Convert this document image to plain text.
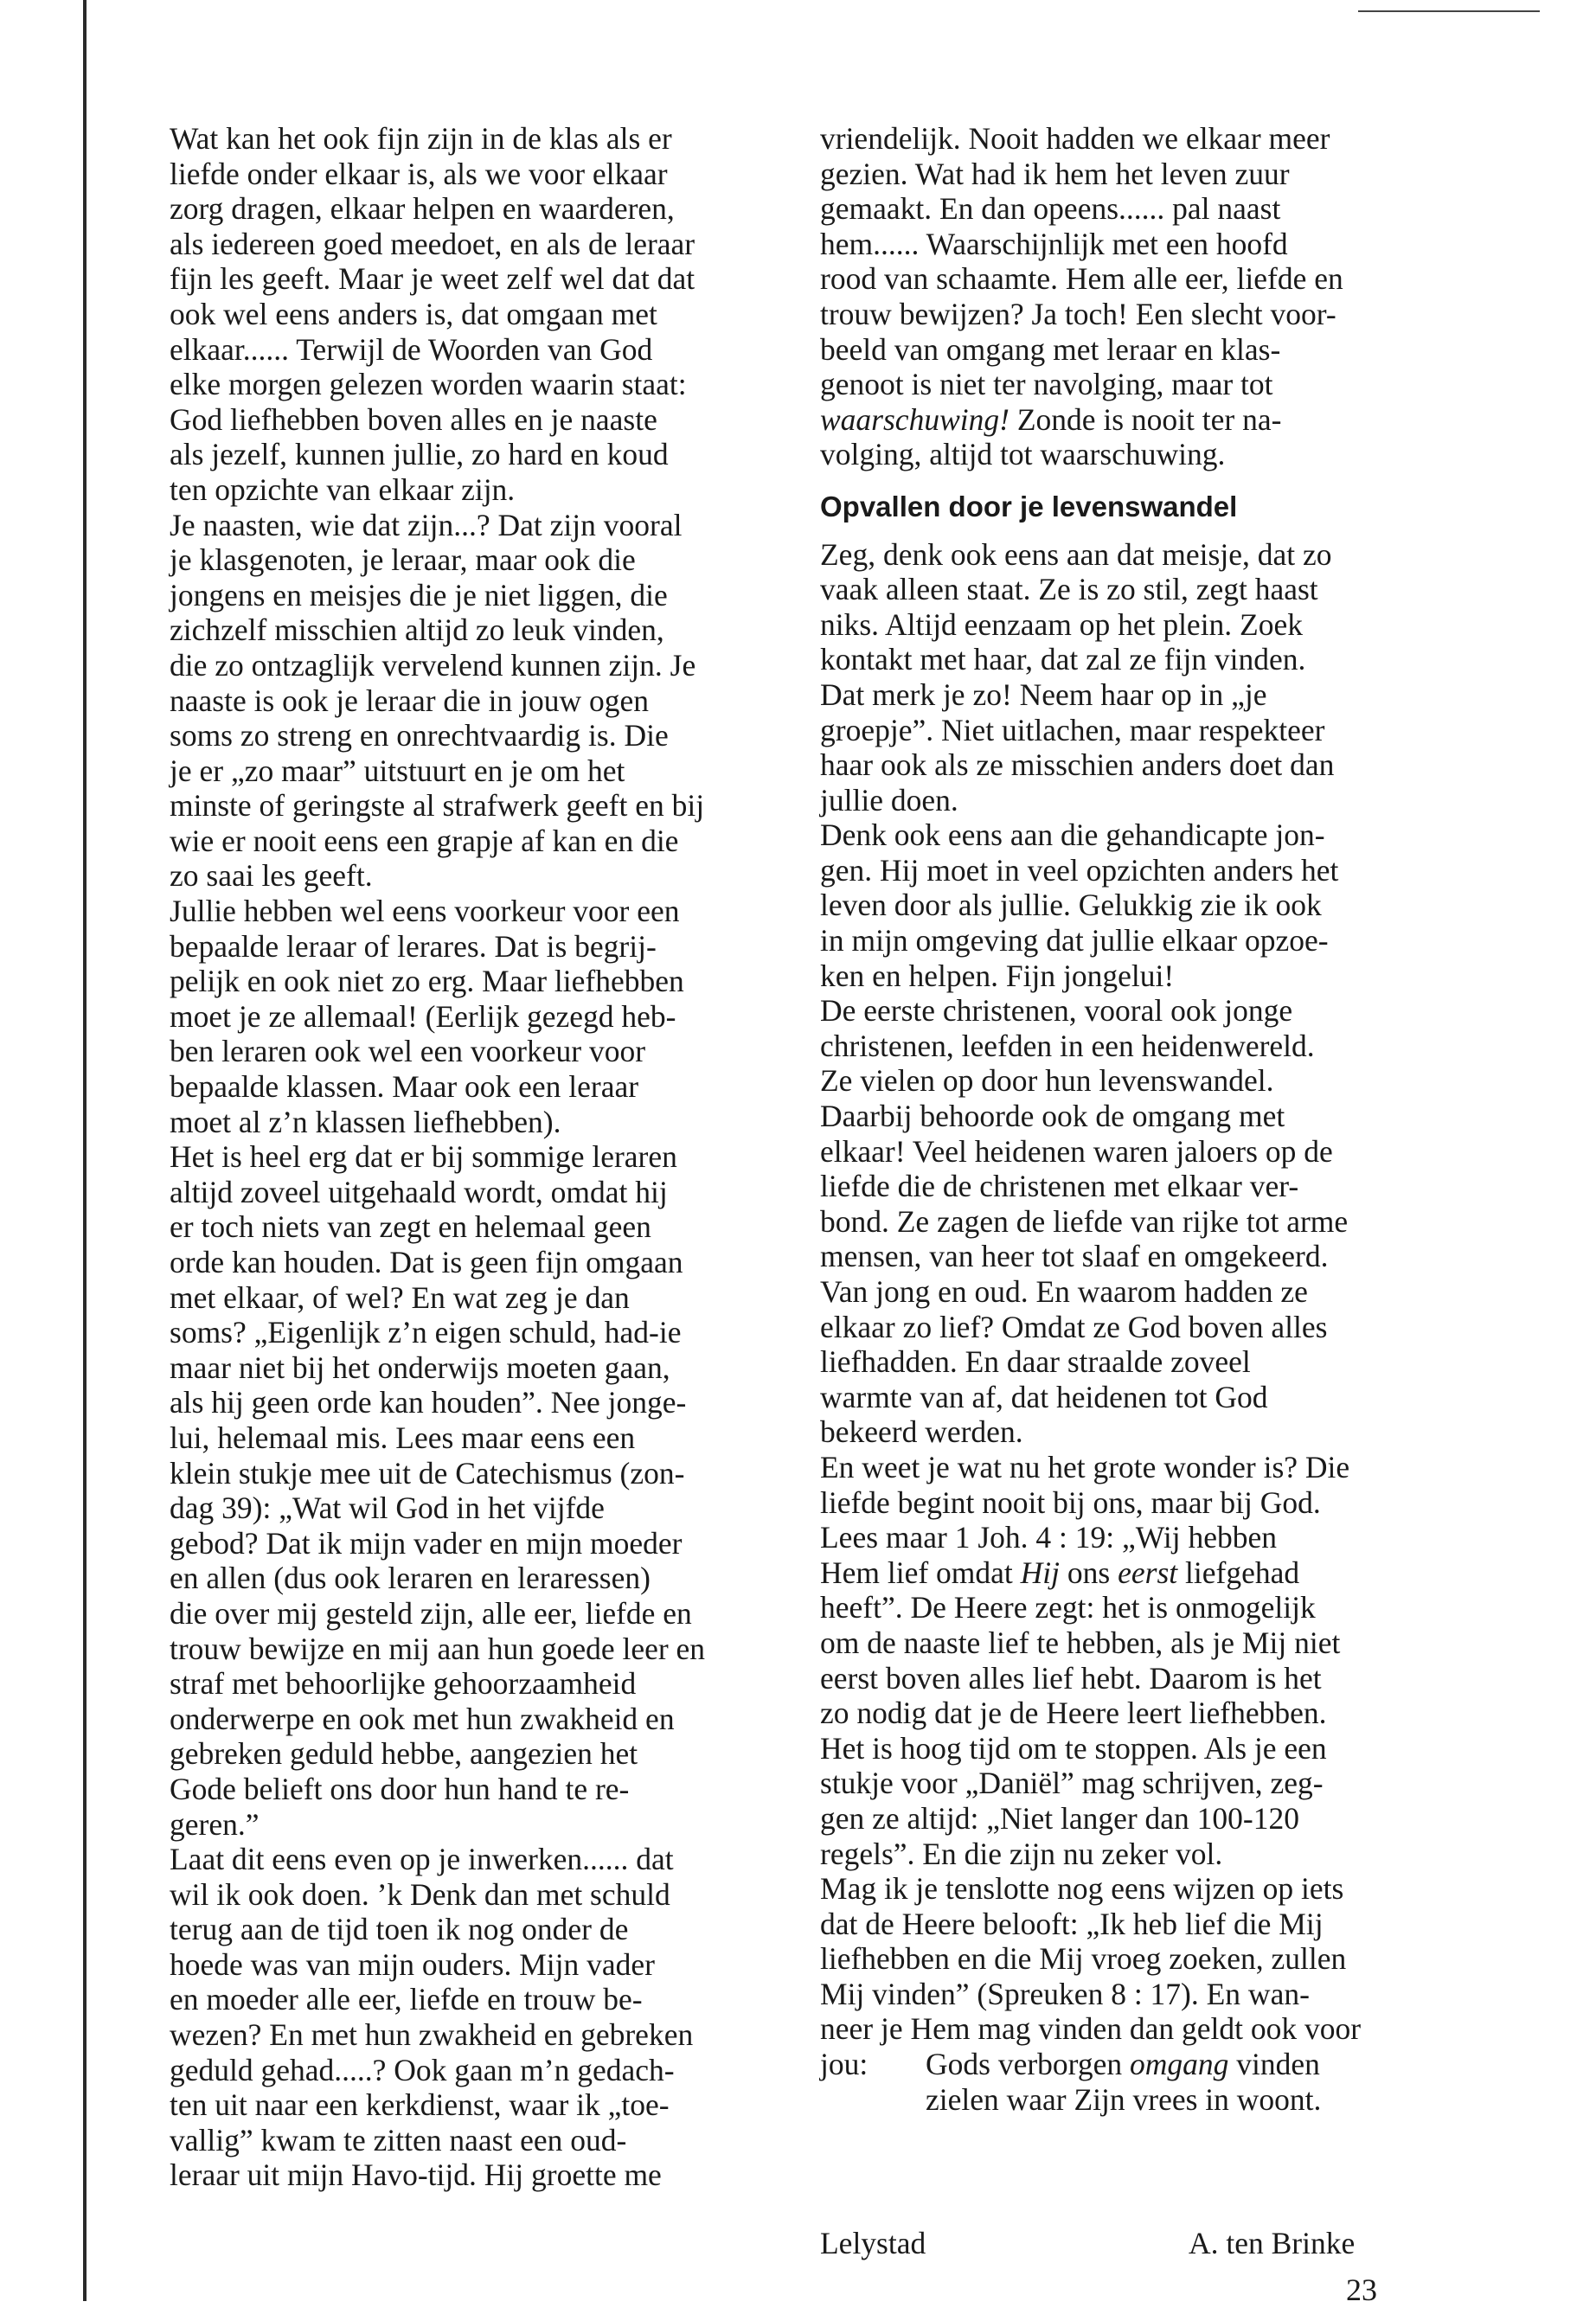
Wat kan het ook fijn zijn in de klas als er
liefde onder elkaar is, als we voor elkaar
zorg dragen, elkaar helpen en waarderen,
als iedereen goed meedoet, en als de leraar
fijn les geeft. Maar je weet zelf wel dat dat
ook wel eens anders is, dat omgaan met
elkaar...... Terwijl de Woorden van God
elke morgen gelezen worden waarin staat:
God liefhebben boven alles en je naaste
als jezelf, kunnen jullie, zo hard en koud
ten opzichte van elkaar zijn.
Je naasten, wie dat zijn...? Dat zijn vooral
je klasgenoten, je leraar, maar ook die
jongens en meisjes die je niet liggen, die
zichzelf misschien altijd zo leuk vinden,
die zo ontzaglijk vervelend kunnen zijn. Je
naaste is ook je leraar die in jouw ogen
soms zo streng en onrechtvaardig is. Die
je er „zo maar” uitstuurt en je om het
minste of geringste al strafwerk geeft en bij
wie er nooit eens een grapje af kan en die
zo saai les geeft.
Jullie hebben wel eens voorkeur voor een
bepaalde leraar of lerares. Dat is begrij-
pelijk en ook niet zo erg. Maar liefhebben
moet je ze allemaal! (Eerlijk gezegd heb-
ben leraren ook wel een voorkeur voor
bepaalde klassen. Maar ook een leraar
moet al z’n klassen liefhebben).
Het is heel erg dat er bij sommige leraren
altijd zoveel uitgehaald wordt, omdat hij
er toch niets van zegt en helemaal geen
orde kan houden. Dat is geen fijn omgaan
met elkaar, of wel? En wat zeg je dan
soms? „Eigenlijk z’n eigen schuld, had-ie
maar niet bij het onderwijs moeten gaan,
als hij geen orde kan houden”. Nee jonge-
lui, helemaal mis. Lees maar eens een
klein stukje mee uit de Catechismus (zon-
dag 39): „Wat wil God in het vijfde
gebod? Dat ik mijn vader en mijn moeder
en allen (dus ook leraren en leraressen)
die over mij gesteld zijn, alle eer, liefde en
trouw bewijze en mij aan hun goede leer en
straf met behoorlijke gehoorzaamheid
onderwerpe en ook met hun zwakheid en
gebreken geduld hebbe, aangezien het
Gode belieft ons door hun hand te re-
geren.”
Laat dit eens even op je inwerken...... dat
wil ik ook doen. ’k Denk dan met schuld
terug aan de tijd toen ik nog onder de
hoede was van mijn ouders. Mijn vader
en moeder alle eer, liefde en trouw be-
wezen? En met hun zwakheid en gebreken
geduld gehad.....? Ook gaan m’n gedach-
ten uit naar een kerkdienst, waar ik „toe-
vallig” kwam te zitten naast een oud-
leraar uit mijn Havo-tijd. Hij groette me
vriendelijk. Nooit hadden we elkaar meer
gezien. Wat had ik hem het leven zuur
gemaakt. En dan opeens...... pal naast
hem...... Waarschijnlijk met een hoofd
rood van schaamte. Hem alle eer, liefde en
trouw bewijzen? Ja toch! Een slecht voor-
beeld van omgang met leraar en klas-
genoot is niet ter navolging, maar tot
waarschuwing! Zonde is nooit ter na-
volging, altijd tot waarschuwing.
Opvallen door je levenswandel
Zeg, denk ook eens aan dat meisje, dat zo
vaak alleen staat. Ze is zo stil, zegt haast
niks. Altijd eenzaam op het plein. Zoek
kontakt met haar, dat zal ze fijn vinden.
Dat merk je zo! Neem haar op in „je
groepje”. Niet uitlachen, maar respekteer
haar ook als ze misschien anders doet dan
jullie doen.
Denk ook eens aan die gehandicapte jon-
gen. Hij moet in veel opzichten anders het
leven door als jullie. Gelukkig zie ik ook
in mijn omgeving dat jullie elkaar opzoe-
ken en helpen. Fijn jongelui!
De eerste christenen, vooral ook jonge
christenen, leefden in een heidenwereld.
Ze vielen op door hun levenswandel.
Daarbij behoorde ook de omgang met
elkaar! Veel heidenen waren jaloers op de
liefde die de christenen met elkaar ver-
bond. Ze zagen de liefde van rijke tot arme
mensen, van heer tot slaaf en omgekeerd.
Van jong en oud. En waarom hadden ze
elkaar zo lief? Omdat ze God boven alles
liefhadden. En daar straalde zoveel
warmte van af, dat heidenen tot God
bekeerd werden.
En weet je wat nu het grote wonder is? Die
liefde begint nooit bij ons, maar bij God.
Lees maar 1 Joh. 4 : 19: „Wij hebben
Hem lief omdat Hij ons eerst liefgehad
heeft”. De Heere zegt: het is onmogelijk
om de naaste lief te hebben, als je Mij niet
eerst boven alles lief hebt. Daarom is het
zo nodig dat je de Heere leert liefhebben.
Het is hoog tijd om te stoppen. Als je een
stukje voor „Daniël” mag schrijven, zeg-
gen ze altijd: „Niet langer dan 100-120
regels”. En die zijn nu zeker vol.
Mag ik je tenslotte nog eens wijzen op iets
dat de Heere belooft: „Ik heb lief die Mij
liefhebben en die Mij vroeg zoeken, zullen
Mij vinden” (Spreuken 8 : 17). En wan-
neer je Hem mag vinden dan geldt ook voor
jou:	Gods verborgen omgang vinden
zielen waar Zijn vrees in woont.
Lelystad	A. ten Brinke
23
